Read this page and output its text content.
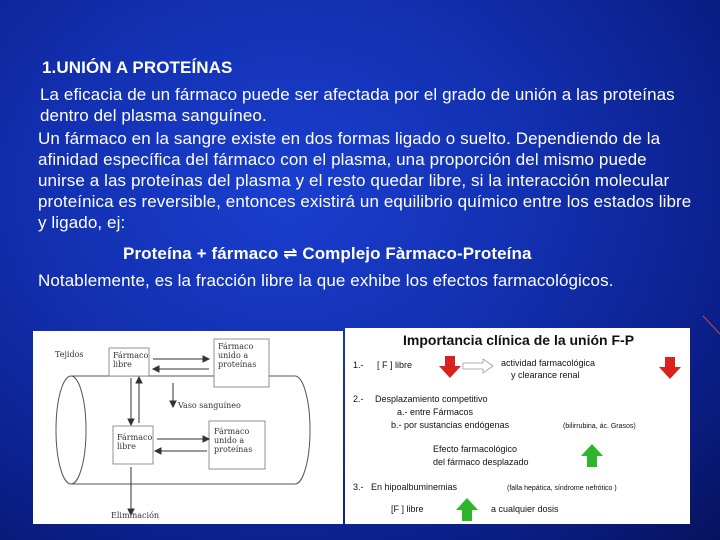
1.UNIÓN A PROTEÍNAS
La eficacia de un fármaco puede ser afectada por el grado de unión a las proteínas dentro del plasma sanguíneo.
Un fármaco en la sangre existe en dos formas ligado o suelto. Dependiendo de la afinidad específica del fármaco con el plasma, una proporción del mismo puede unirse a las proteínas del plasma y el resto quedar libre, si la interacción molecular proteínica es reversible, entonces existirá un equilibrio químico entre los estados libre y ligado, ej:
Proteína + fármaco ⇌ Complejo Fàrmaco-Proteína
Notablemente, es la fracción libre la que exhibe los efectos farmacológicos.
Tejidos	Fármaco libre
Fármaco unido a proteínas
Vaso sanguíneo
Fármaco libre
Fármaco unido a proteínas
Eliminación
Importancia clínica de la unión F-P
1.- [ F ] libre	actividad farmacológica
y clearance renal
2.- Desplazamiento competitivo
a.- entre Fármacos
b.- por sustancias endógenas	(bilirrubina, ác. Grasos)
Efecto farmacológico
del fármaco desplazado
3.- En hipoalbuminemias	(falla hepática, síndrome nefrótico )
[F ] libre	a cualquier dosis
